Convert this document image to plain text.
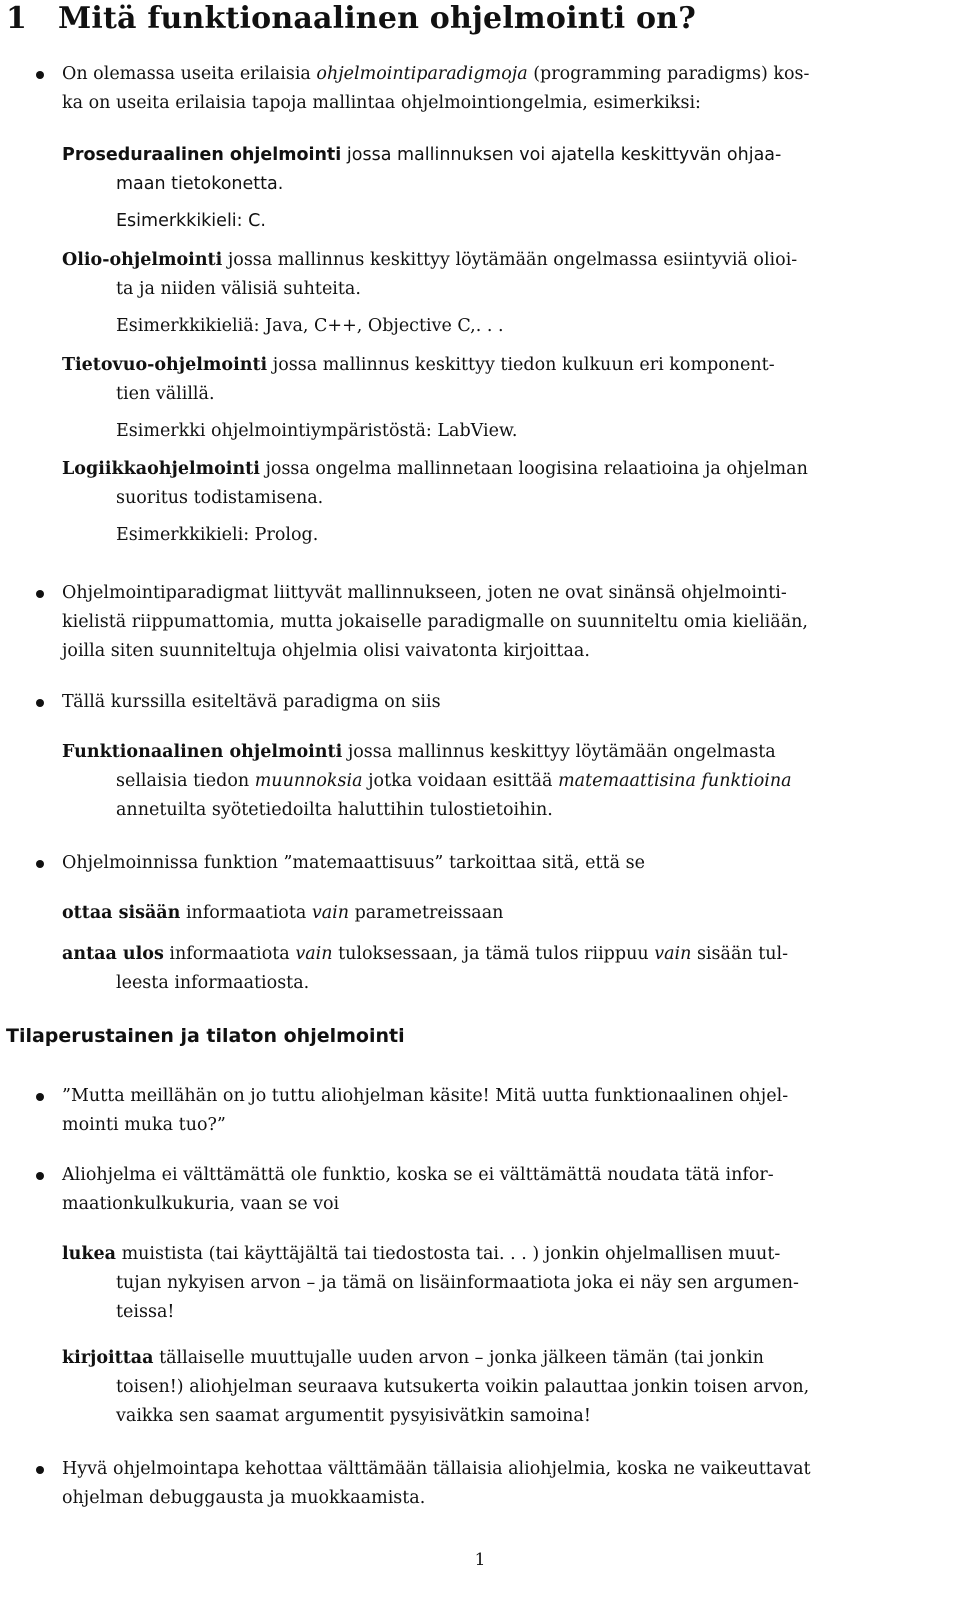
1 Mitä funktionaalinen ohjelmointi on?
On olemassa useita erilaisia ohjelmointiparadigmoja (programming paradigms) kos-
ka on useita erilaisia tapoja mallintaa ohjelmointiongelmia, esimerkiksi:
Proseduraalinen ohjelmointi jossa mallinnuksen voi ajatella keskittyvän ohjaa-
maan tietokonetta.
Esimerkkikieli: C.
Olio-ohjelmointi jossa mallinnus keskittyy löytämään ongelmassa esiintyviä olioi-
ta ja niiden välisiä suhteita.
Esimerkkikieliä: Java, C++, Objective C,. . .
Tietovuo-ohjelmointi jossa mallinnus keskittyy tiedon kulkuun eri komponent-
tien välillä.
Esimerkki ohjelmointiympäristöstä: LabView.
Logiikkaohjelmointi jossa ongelma mallinnetaan loogisina relaatioina ja ohjelman
suoritus todistamisena.
Esimerkkikieli: Prolog.
Ohjelmointiparadigmat liittyvät mallinnukseen, joten ne ovat sinänsä ohjelmointi-
kielistä riippumattomia, mutta jokaiselle paradigmalle on suunniteltu omia kieliään,
joilla siten suunniteltuja ohjelmia olisi vaivatonta kirjoittaa.
Tällä kurssilla esiteltävä paradigma on siis
Funktionaalinen ohjelmointi jossa mallinnus keskittyy löytämään ongelmasta
sellaisia tiedon muunnoksia jotka voidaan esittää matemaattisina funktioina
annetuilta syötetiedoilta haluttihin tulostietoihin.
Ohjelmoinnissa funktion ”matemaattisuus” tarkoittaa sitä, että se
ottaa sisään informaatiota vain parametreissaan
antaa ulos informaatiota vain tuloksessaan, ja tämä tulos riippuu vain sisään tul-
leesta informaatiosta.
Tilaperustainen ja tilaton ohjelmointi
”Mutta meillähän on jo tuttu aliohjelman käsite! Mitä uutta funktionaalinen ohjel-
mointi muka tuo?”
Aliohjelma ei välttämättä ole funktio, koska se ei välttämättä noudata tätä infor-
maationkulkukuria, vaan se voi
lukea muistista (tai käyttäjältä tai tiedostosta tai. . . ) jonkin ohjelmallisen muut-
tujan nykyisen arvon – ja tämä on lisäinformaatiota joka ei näy sen argumen-
teissa!
kirjoittaa tällaiselle muuttujalle uuden arvon – jonka jälkeen tämän (tai jonkin
toisen!) aliohjelman seuraava kutsukerta voikin palauttaa jonkin toisen arvon,
vaikka sen saamat argumentit pysyisivätkin samoina!
Hyvä ohjelmointapa kehottaa välttämään tällaisia aliohjelmia, koska ne vaikeuttavat
ohjelman debuggausta ja muokkaamista.
1
